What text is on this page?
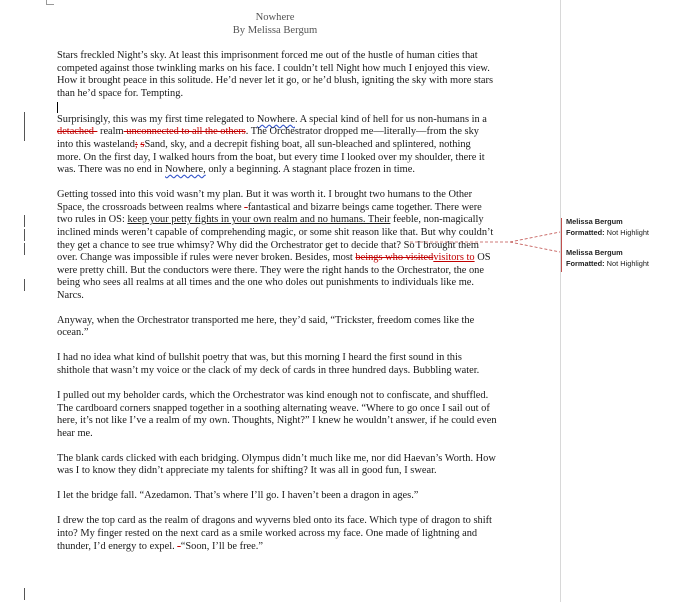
Nowhere
By Melissa Bergum

Stars freckled Night’s sky. At least this imprisonment forced me out of the hustle of human cities that competed against those twinkling marks on his face. I couldn’t tell Night how much I enjoyed this view. How it brought peace in this solitude. He’d never let it go, or he’d blush, igniting the sky with more stars than he’d space for. Tempting.

Surprisingly, this was my first time relegated to Nowhere. A special kind of hell for us non-humans in a detached- realm unconnected to all the others. The Orchestrator dropped me—literally—from the sky into this wasteland; sSand, sky, and a decrepit fishing boat, all sun-bleached and splintered, nothing more. On the first day, I walked hours from the boat, but every time I looked over my shoulder, there it was. There was no end in Nowhere, only a beginning. A stagnant place frozen in time.

Getting tossed into this void wasn’t my plan. But it was worth it. I brought two humans to the Other Space, the crossroads between realms where -fantastical and bizarre beings came together. There were two rules in OS: keep your petty fights in your own realm and no humans. Their feeble, non-magically inclined minds weren’t capable of comprehending magic, or some shit reason like that. But why couldn’t they get a chance to see true whimsy? Why did the Orchestrator get to decide that? So I brought them over. Change was impossible if rules were never broken. Besides, most beings who visitedvisitors to OS were pretty chill. But the conductors were there. They were the right hands to the Orchestrator, the one being who sees all realms at all times and the one who doles out punishments to individuals like me. Narcs.

Anyway, when the Orchestrator transported me here, they’d said, “Trickster, freedom comes like the ocean.”

I had no idea what kind of bullshit poetry that was, but this morning I heard the first sound in this shithole that wasn’t my voice or the clack of my deck of cards in three hundred days. Bubbling water.

I pulled out my beholder cards, which the Orchestrator was kind enough not to confiscate, and shuffled. The cardboard corners snapped together in a soothing alternating weave. “Where to go once I sail out of here, it’s not like I’ve a realm of my own. Thoughts, Night?” I knew he wouldn’t answer, if he could even hear me.

The blank cards clicked with each bridging. Olympus didn’t much like me, nor did Haevan’s Worth. How was I to know they didn’t appreciate my talents for shifting? It was all in good fun, I swear.

I let the bridge fall. “Azedamon. That’s where I’ll go. I haven’t been a dragon in ages.”

I drew the top card as the realm of dragons and wyverns bled onto its face. Which type of dragon to shift into? My finger rested on the next card as a smile worked across my face. One made of lightning and thunder, I’d energy to expel. -“Soon, I’ll be free.”

Melissa Bergum
Formatted: Not Highlight
Melissa Bergum
Formatted: Not Highlight
